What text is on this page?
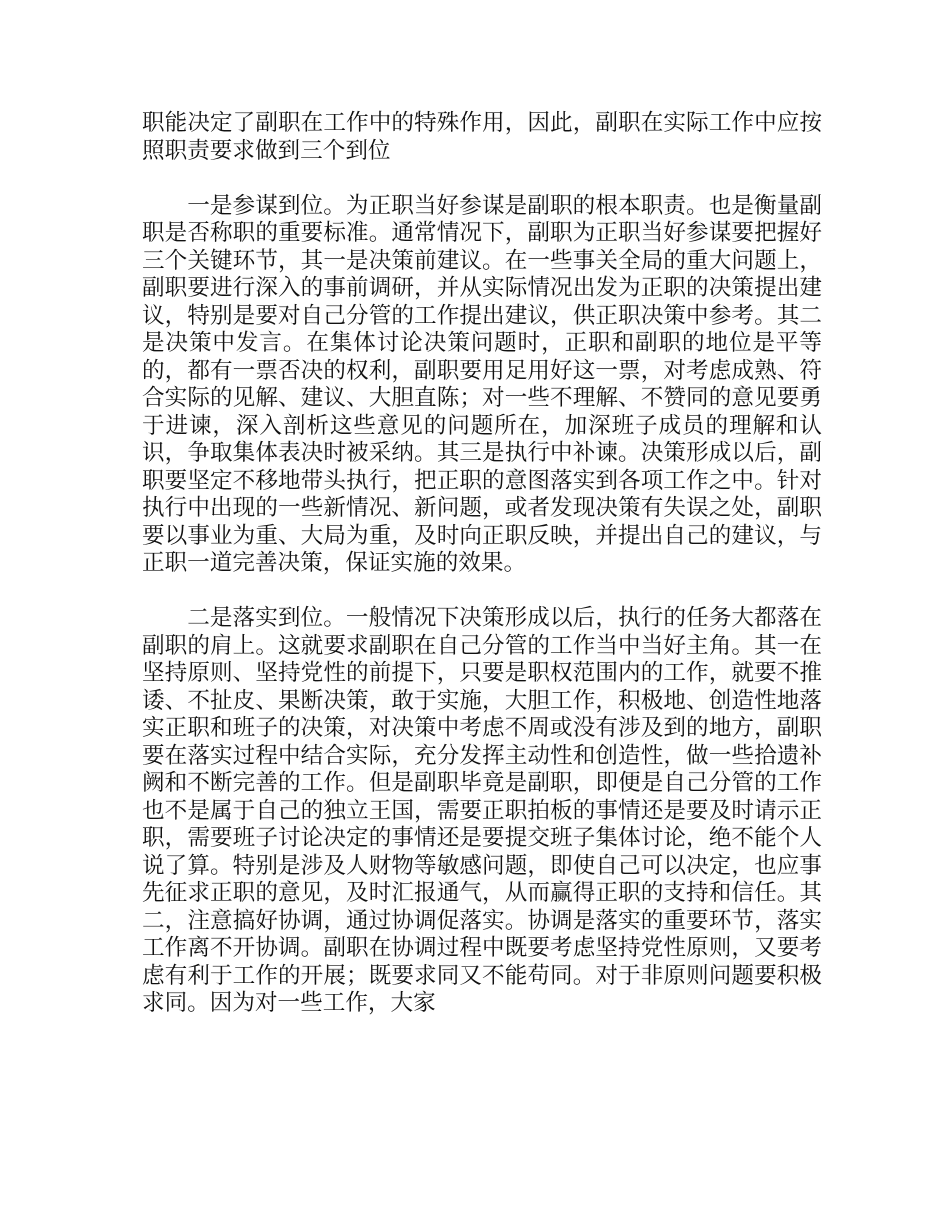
职能决定了副职在工作中的特殊作用，因此，副职在实际工作中应按照职责要求做到三个到位

一是参谋到位。为正职当好参谋是副职的根本职责。也是衡量副职是否称职的重要标准。通常情况下，副职为正职当好参谋要把握好三个关键环节，其一是决策前建议。在一些事关全局的重大问题上，副职要进行深入的事前调研，并从实际情况出发为正职的决策提出建议，特别是要对自己分管的工作提出建议，供正职决策中参考。其二是决策中发言。在集体讨论决策问题时，正职和副职的地位是平等的，都有一票否决的权利，副职要用足用好这一票，对考虑成熟、符合实际的见解、建议、大胆直陈；对一些不理解、不赞同的意见要勇于进谏，深入剖析这些意见的问题所在，加深班子成员的理解和认识，争取集体表决时被采纳。其三是执行中补谏。决策形成以后，副职要坚定不移地带头执行，把正职的意图落实到各项工作之中。针对执行中出现的一些新情况、新问题，或者发现决策有失误之处，副职要以事业为重、大局为重，及时向正职反映，并提出自己的建议，与正职一道完善决策，保证实施的效果。

二是落实到位。一般情况下决策形成以后，执行的任务大都落在副职的肩上。这就要求副职在自己分管的工作当中当好主角。其一在坚持原则、坚持党性的前提下，只要是职权范围内的工作，就要不推诿、不扯皮、果断决策，敢于实施，大胆工作，积极地、创造性地落实正职和班子的决策，对决策中考虑不周或没有涉及到的地方，副职要在落实过程中结合实际，充分发挥主动性和创造性，做一些拾遗补阙和不断完善的工作。但是副职毕竟是副职，即便是自己分管的工作也不是属于自己的独立王国，需要正职拍板的事情还是要及时请示正职，需要班子讨论决定的事情还是要提交班子集体讨论，绝不能个人说了算。特别是涉及人财物等敏感问题，即使自己可以决定，也应事先征求正职的意见，及时汇报通气，从而赢得正职的支持和信任。其二，注意搞好协调，通过协调促落实。协调是落实的重要环节，落实工作离不开协调。副职在协调过程中既要考虑坚持党性原则，又要考虑有利于工作的开展；既要求同又不能苟同。对于非原则问题要积极求同。因为对一些工作，大家
